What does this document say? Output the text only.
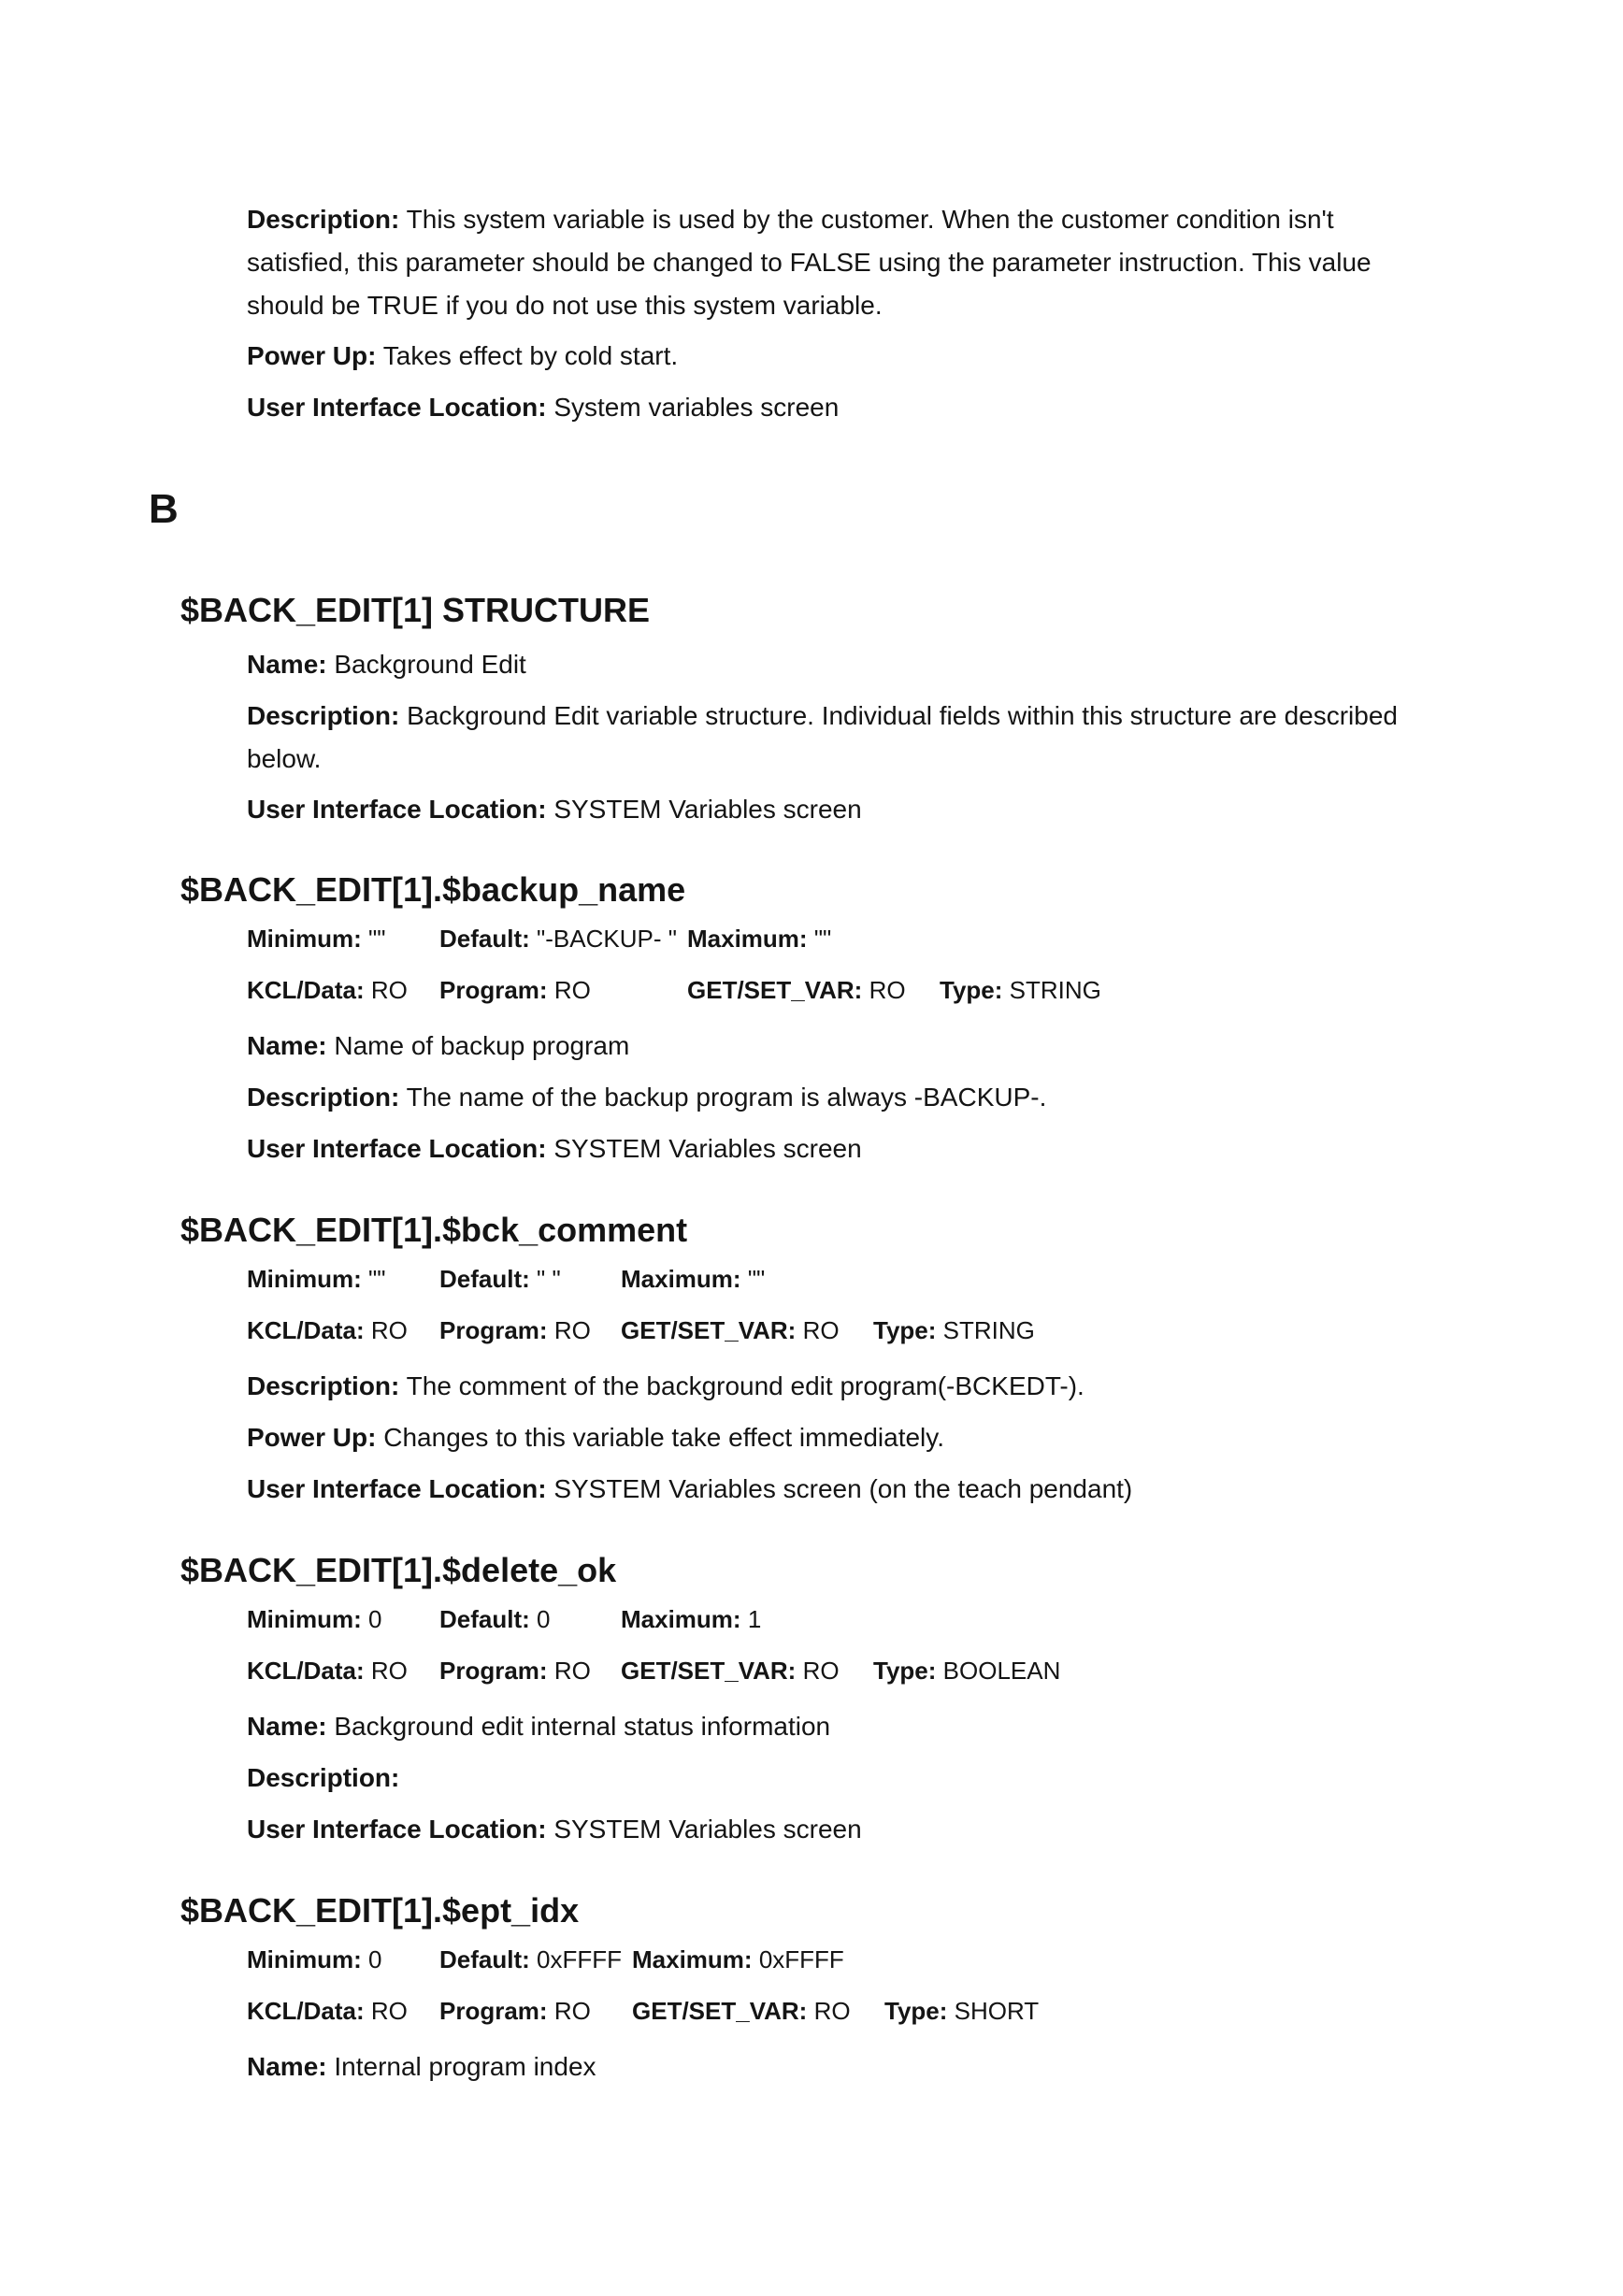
Description: This system variable is used by the customer. When the customer condition isn't satisfied, this parameter should be changed to FALSE using the parameter instruction. This value should be TRUE if you do not use this system variable.
Power Up: Takes effect by cold start.
User Interface Location: System variables screen
B
$BACK_EDIT[1] STRUCTURE
Name: Background Edit
Description: Background Edit variable structure. Individual fields within this structure are described below.
User Interface Location: SYSTEM Variables screen
$BACK_EDIT[1].$backup_name
Minimum: "" Default: "-BACKUP- " Maximum: ""
KCL/Data: RO Program: RO	GET/SET_VAR: RO Type: STRING
Name: Name of backup program
Description: The name of the backup program is always -BACKUP-.
User Interface Location: SYSTEM Variables screen
$BACK_EDIT[1].$bck_comment
Minimum: "" Default: " " Maximum: ""
KCL/Data: RO Program: RO GET/SET_VAR: RO Type: STRING
Description: The comment of the background edit program(-BCKEDT-).
Power Up: Changes to this variable take effect immediately.
User Interface Location: SYSTEM Variables screen (on the teach pendant)
$BACK_EDIT[1].$delete_ok
Minimum: 0 Default: 0	Maximum: 1
KCL/Data: RO Program: RO GET/SET_VAR: RO Type: BOOLEAN
Name: Background edit internal status information
Description:
User Interface Location: SYSTEM Variables screen
$BACK_EDIT[1].$ept_idx
Minimum: 0 Default: 0xFFFF Maximum: 0xFFFF
KCL/Data: RO Program: RO GET/SET_VAR: RO Type: SHORT
Name: Internal program index
